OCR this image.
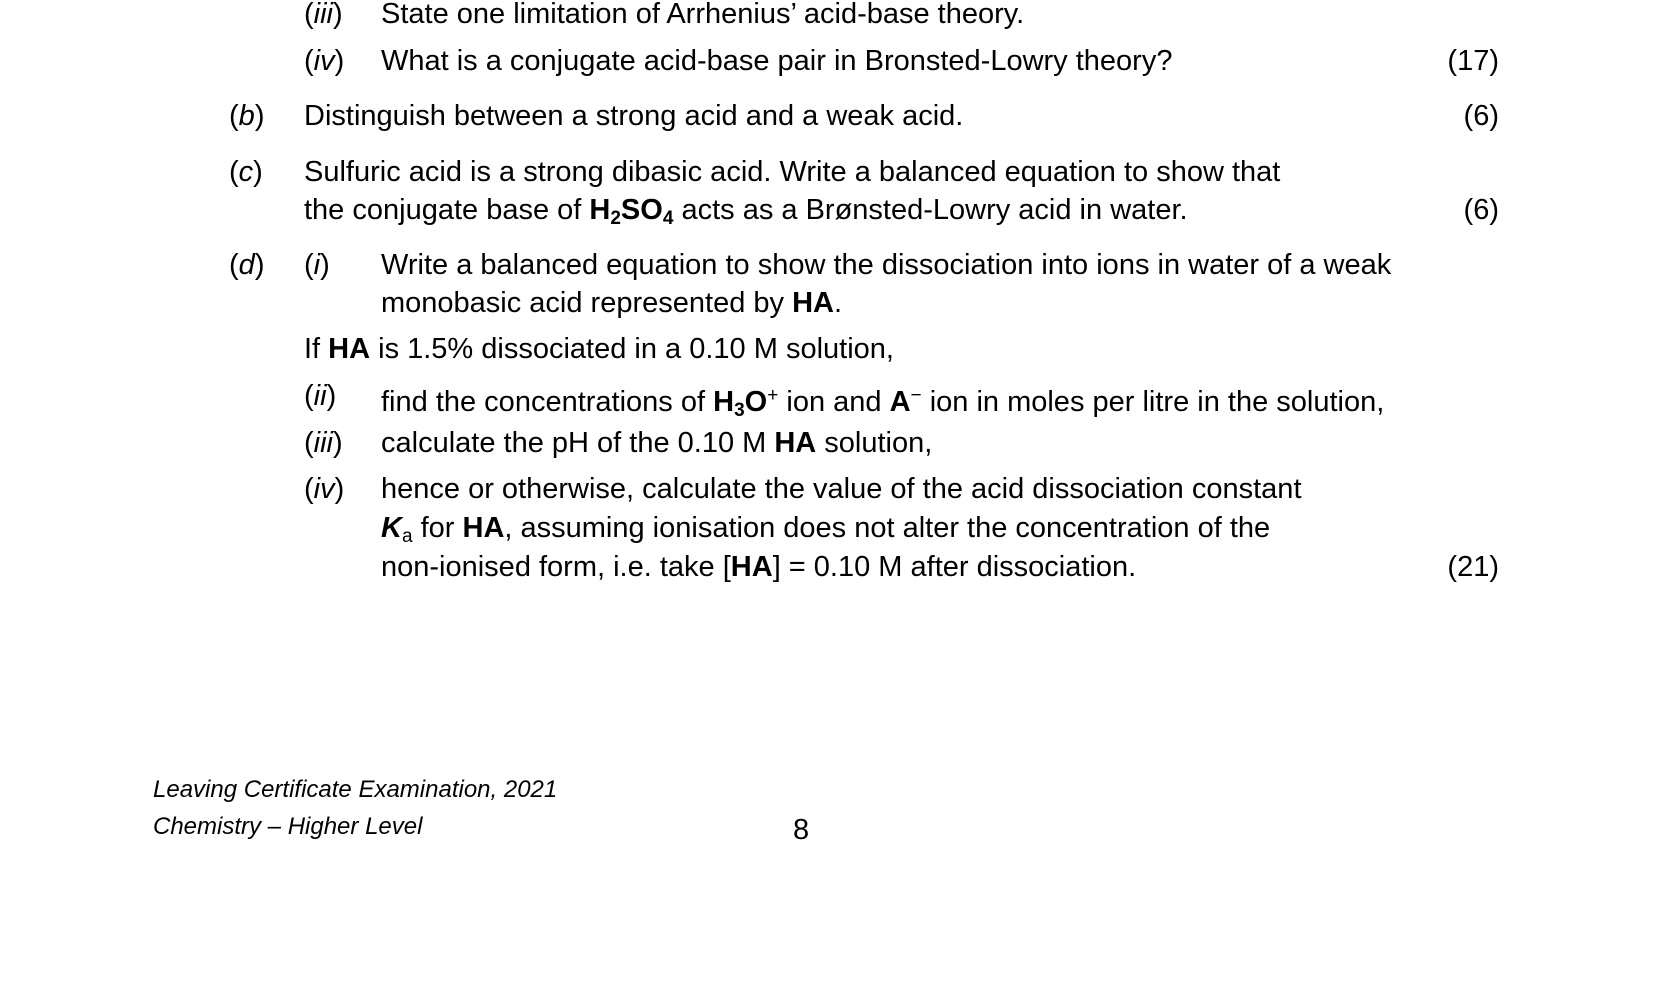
(iii) State one limitation of Arrhenius’ acid-base theory.
(iv) What is a conjugate acid-base pair in Bronsted-Lowry theory?	(17)
(b) Distinguish between a strong acid and a weak acid.	(6)
(c) Sulfuric acid is a strong dibasic acid. Write a balanced equation to show that
the conjugate base of $H_2SO_4$ acts as a Brønsted-Lowry acid in water.	(6)
(d) (i) Write a balanced equation to show the dissociation into ions in water of a weak
monobasic acid represented by HA.
If HA is 1.5% dissociated in a 0.10 M solution,
(ii) find the concentrations of $H_3O^+$ ion and A− ion in moles per litre in the solution,
(iii) calculate the pH of the 0.10 M HA solution,
(iv) hence or otherwise, calculate the value of the acid dissociation constant
Ka for HA, assuming ionisation does not alter the concentration of the
non-ionised form, i.e. take [HA] = 0.10 M after dissociation.	(21)
Leaving Certificate Examination, 2021
Chemistry – Higher Level	8
